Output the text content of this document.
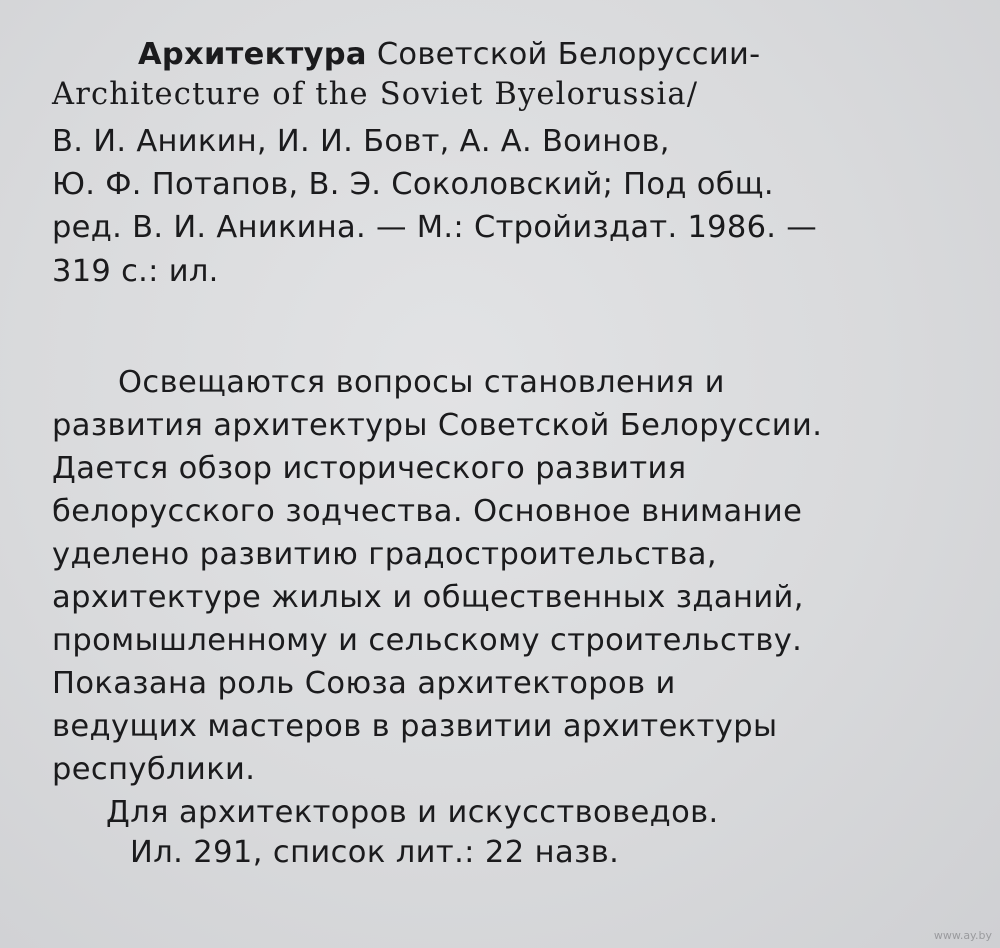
Архитектура Советской Белоруссии-
Architecture of the Soviet Byelorussia/
В. И. Аникин, И. И. Бовт, А. А. Воинов,
Ю. Ф. Потапов, В. Э. Соколовский; Под общ.
ред. В. И. Аникина. — М.: Стройиздат. 1986. —
319 с.: ил.
Освещаются вопросы становления и
развития архитектуры Советской Белоруссии.
Дается обзор исторического развития
белорусского зодчества. Основное внимание
уделено развитию градостроительства,
архитектуре жилых и общественных зданий,
промышленному и сельскому строительству.
Показана роль Союза архитекторов и
ведущих мастеров в развитии архитектуры
республики.
Для архитекторов и искусствоведов.
Ил. 291, список лит.: 22 назв.
www.ay.by
